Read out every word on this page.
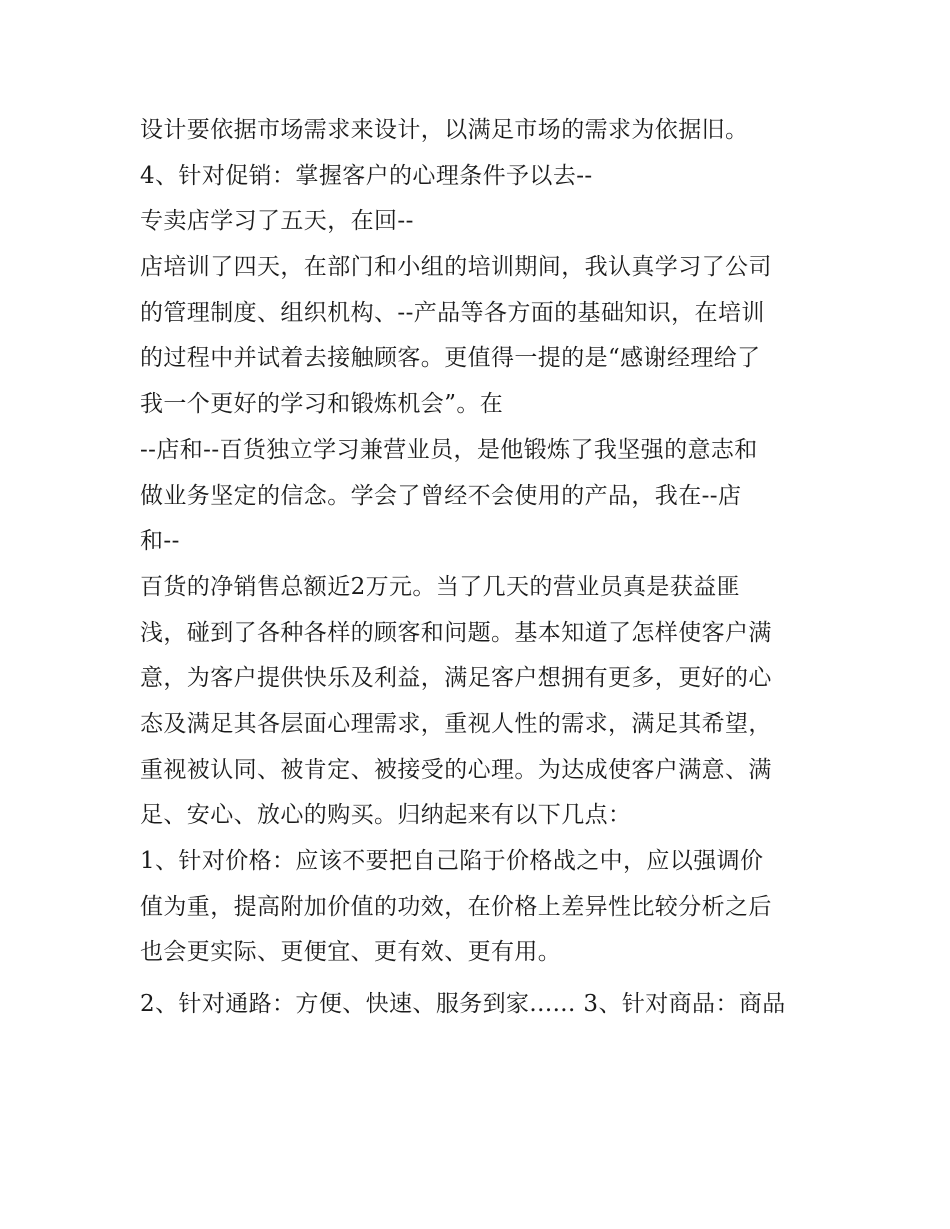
设计要依据市场需求来设计，以满足市场的需求为依据旧。
4、针对促销：掌握客户的心理条件予以去--
专卖店学习了五天，在回--
店培训了四天，在部门和小组的培训期间，我认真学习了公司
的管理制度、组织机构、--产品等各方面的基础知识，在培训
的过程中并试着去接触顾客。更值得一提的是“感谢经理给了
我一个更好的学习和锻炼机会”。在
--店和--百货独立学习兼营业员，是他锻炼了我坚强的意志和
做业务坚定的信念。学会了曾经不会使用的产品，我在--店
和--
百货的净销售总额近2万元。当了几天的营业员真是获益匪
浅，碰到了各种各样的顾客和问题。基本知道了怎样使客户满
意，为客户提供快乐及利益，满足客户想拥有更多，更好的心
态及满足其各层面心理需求，重视人性的需求，满足其希望，
重视被认同、被肯定、被接受的心理。为达成使客户满意、满
足、安心、放心的购买。归纳起来有以下几点：
1、针对价格：应该不要把自己陷于价格战之中，应以强调价
值为重，提高附加价值的功效，在价格上差异性比较分析之后
也会更实际、更便宜、更有效、更有用。
2、针对通路：方便、快速、服务到家...... 3、针对商品：商品
